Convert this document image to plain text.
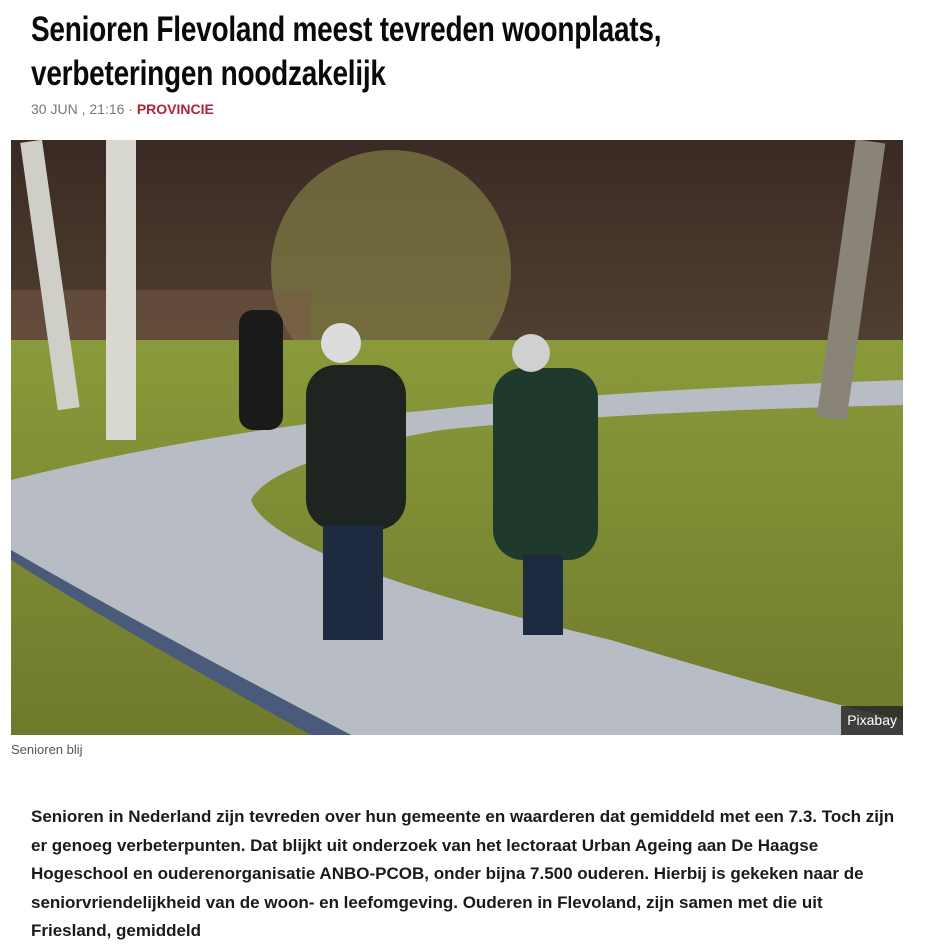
Senioren Flevoland meest tevreden woonplaats, verbeteringen noodzakelijk
30 JUN , 21:16 · PROVINCIE
Pixabay
Senioren blij

Senioren in Nederland zijn tevreden over hun gemeente en waarderen dat gemiddeld met een 7.3. Toch zijn er genoeg verbeterpunten. Dat blijkt uit onderzoek van het lectoraat Urban Ageing aan De Haagse Hogeschool en ouderenorganisatie ANBO-PCOB, onder bijna 7.500 ouderen. Hierbij is gekeken naar de seniorvriendelijkheid van de woon- en leefomgeving. Ouderen in Flevoland, zijn samen met die uit Friesland, gemiddeld
